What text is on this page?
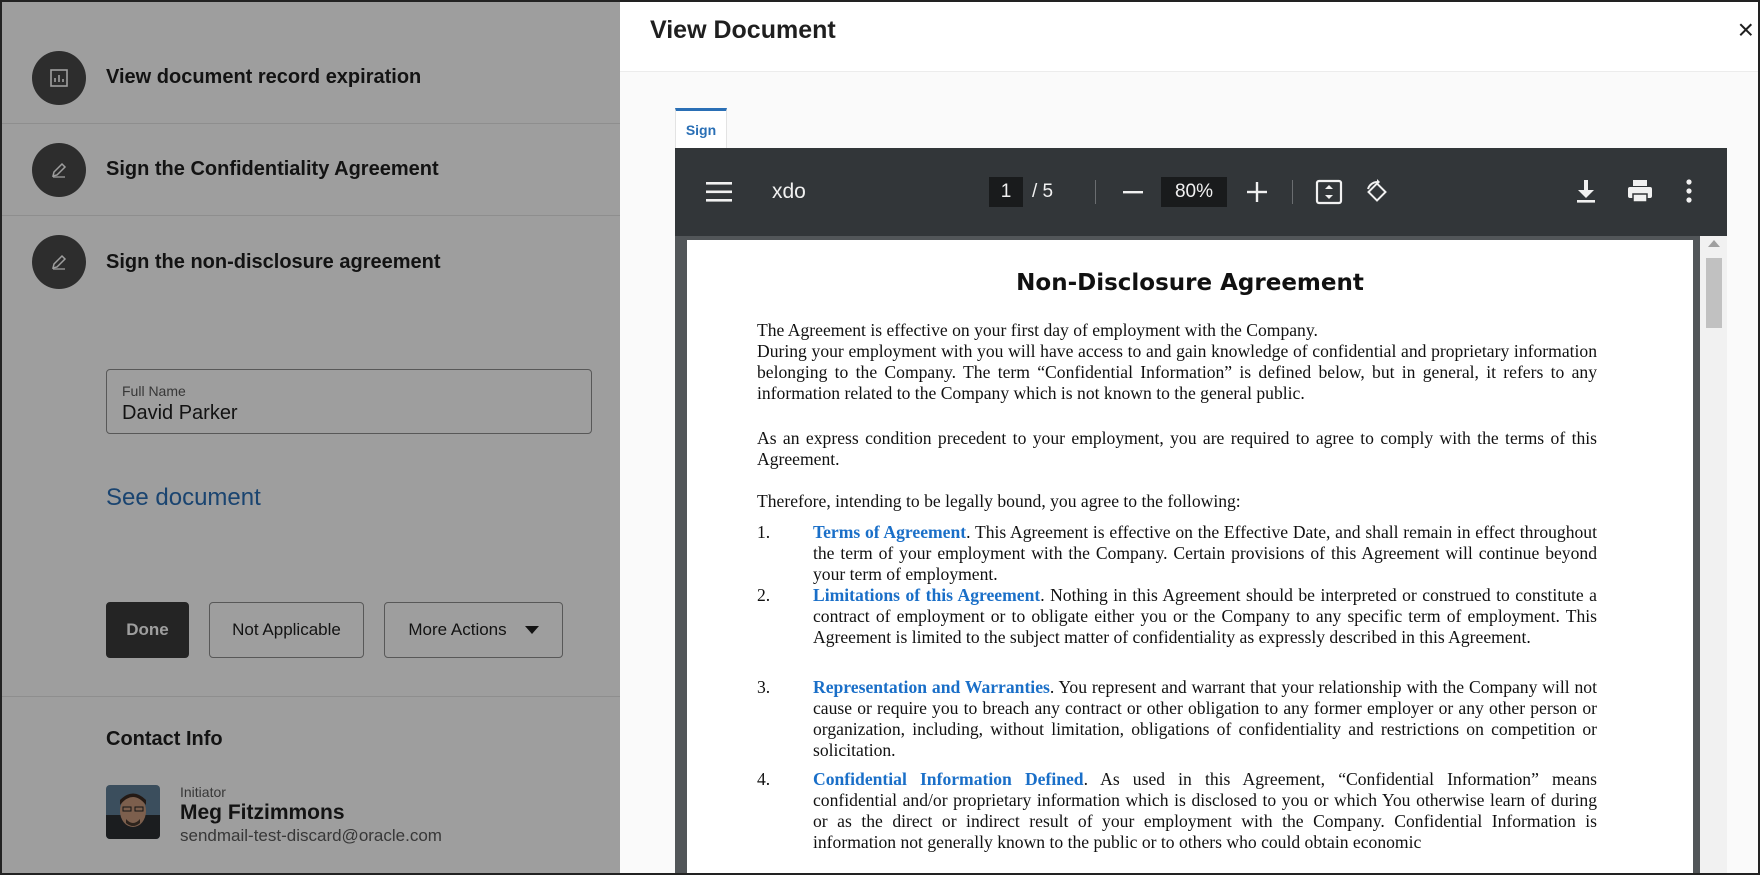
View document record expiration
Sign the Confidentiality Agreement
Sign the non-disclosure agreement
Full Name
David Parker
See document
Done	Not Applicable	More Actions
Contact Info
Initiator
Meg Fitzimmons
sendmail-test-discard@oracle.com
View Document	×
Sign
xdo	1	/ 5	80%
Non-Disclosure Agreement
The Agreement is effective on your first day of employment with the Company.
During your employment with you will have access to and gain knowledge of confidential and proprietary information belonging to the Company. The term “Confidential Information” is defined below, but in general, it refers to any information related to the Company which is not known to the general public.
As an express condition precedent to your employment, you are required to agree to comply with the terms of this Agreement.
Therefore, intending to be legally bound, you agree to the following:
1. Terms of Agreement. This Agreement is effective on the Effective Date, and shall remain in effect throughout the term of your employment with the Company. Certain provisions of this Agreement will continue beyond your term of employment.
2. Limitations of this Agreement. Nothing in this Agreement should be interpreted or construed to constitute a contract of employment or to obligate either you or the Company to any specific term of employment. This Agreement is limited to the subject matter of confidentiality as expressly described in this Agreement.
3. Representation and Warranties. You represent and warrant that your relationship with the Company will not cause or require you to breach any contract or other obligation to any former employer or any other person or organization, including, without limitation, obligations of confidentiality and restrictions on competition or solicitation.
4. Confidential Information Defined. As used in this Agreement, “Confidential Information” means confidential and/or proprietary information which is disclosed to you or which You otherwise learn of during or as the direct or indirect result of your employment with the Company. Confidential Information is information not generally known to the public or to others who could obtain economic
